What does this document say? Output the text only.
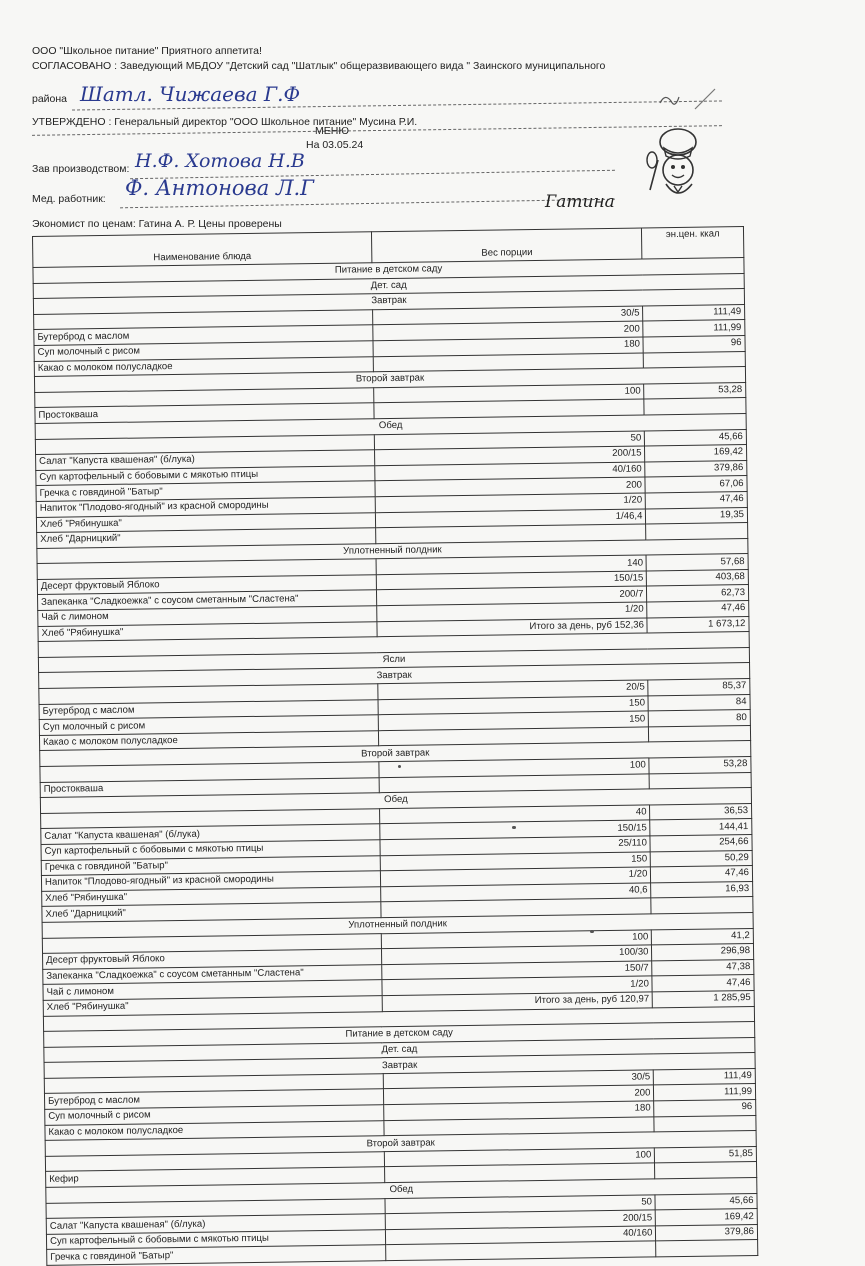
ООО "Школьное питание" Приятного аппетита!
СОГЛАСОВАНО : Заведующий МБДОУ "Детский сад "Шатлык" общеразвивающего вида " Заинского муниципального
района Шатл. Чижаева Г.Ф
УТВЕРЖДЕНО : Генеральный директор "ООО Школьное питание" Мусина Р.И.
МЕНЮ
На 03.05.24
Зав производством: Н.Ф. Хотова Н.В
Мед. работник: Ф. Антонова Л.Г
Экономист по ценам: Гатина А. Р. Цены проверены
Гатина
Наименование блюда	Вес порции	эн.цен. ккал
Питание в детском саду		
Дет. сад		
Завтрак		
	30/5	111,49
Бутерброд с маслом	200	111,99
Суп молочный с рисом	180	96
Какао с молоком полусладкое		
Второй завтрак		
	100	53,28
Простокваша		
Обед		
	50	45,66
Салат "Капуста квашеная" (б/лука)	200/15	169,42
Суп картофельный с бобовыми с мякотью птицы	40/160	379,86
Гречка с говядиной "Батыр"	200	67,06
Напиток "Плодово-ягодный" из красной смородины	1/20	47,46
Хлеб "Рябинушка"	1/46,4	19,35
Хлеб "Дарницкий"		
Уплотненный полдник		
	140	57,68
Десерт фруктовый Яблоко	150/15	403,68
Запеканка "Сладкоежка" с соусом сметанным "Сластена"	200/7	62,73
Чай с лимоном	1/20	47,46
Хлеб "Рябинушка"	Итого за день, руб 152,36	1 673,12

Ясли		
Завтрак		
	20/5	85,37
Бутерброд с маслом	150	84
Суп молочный с рисом	150	80
Какао с молоком полусладкое		
Второй завтрак		
	100	53,28
Простокваша		
Обед		
	40	36,53
Салат "Капуста квашеная" (б/лука)	150/15	144,41
Суп картофельный с бобовыми с мякотью птицы	25/110	254,66
Гречка с говядиной "Батыр"	150	50,29
Напиток "Плодово-ягодный" из красной смородины	1/20	47,46
Хлеб "Рябинушка"	40,6	16,93
Хлеб "Дарницкий"		
Уплотненный полдник		
	100	41,2
Десерт фруктовый Яблоко	100/30	296,98
Запеканка "Сладкоежка" с соусом сметанным "Сластена"	150/7	47,38
Чай с лимоном	1/20	47,46
Хлеб "Рябинушка"	Итого за день, руб 120,97	1 285,95

Питание в детском саду		
Дет. сад		
Завтрак		
	30/5	111,49
Бутерброд с маслом	200	111,99
Суп молочный с рисом	180	96
Какао с молоком полусладкое		
Второй завтрак		
	100	51,85
Кефир		
Обед		
	50	45,66
Салат "Капуста квашеная" (б/лука)	200/15	169,42
Суп картофельный с бобовыми с мякотью птицы	40/160	379,86
Гречка с говядиной "Батыр"		
